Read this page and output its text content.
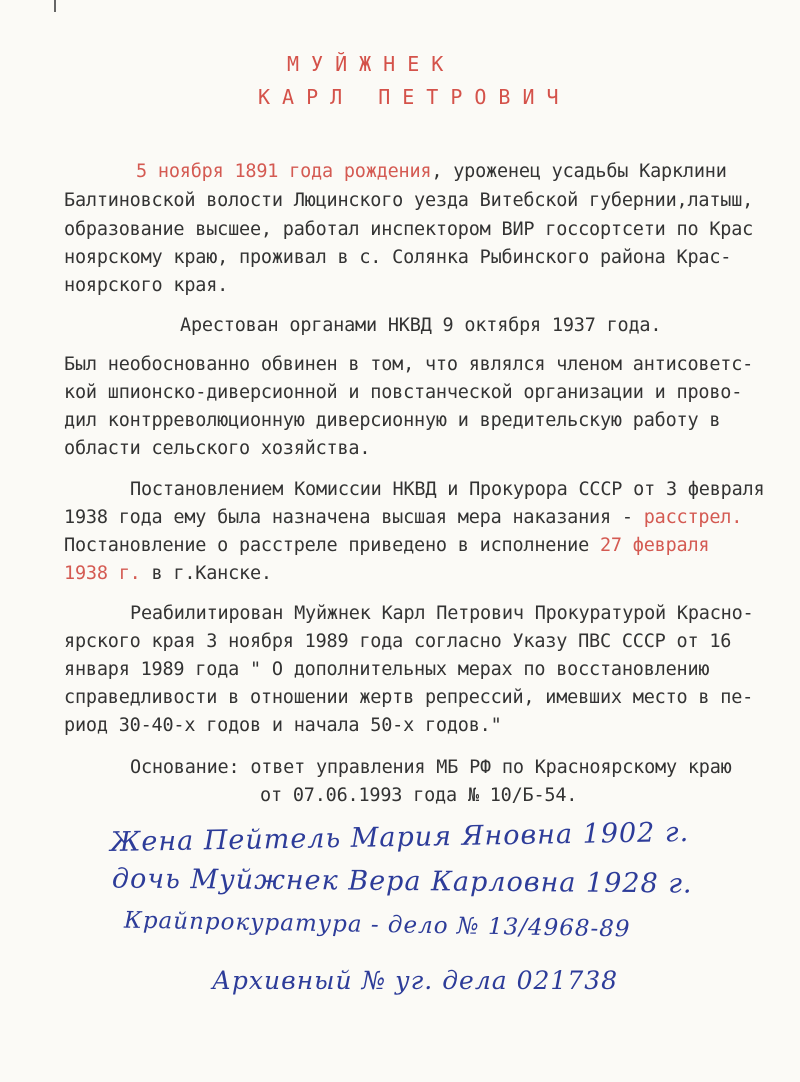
МУЙЖНЕК
КАРЛ ПЕТРОВИЧ
5 ноября 1891 года рождения, уроженец усадьбы Карклини
Балтиновской волости Люцинского уезда Витебской губернии,латыш,
образование высшее, работал инспектором ВИР госсортсети по Крас
ноярскому краю, проживал в с. Солянка Рыбинского района Крас-
ноярского края.
Арестован органами НКВД 9 октября 1937 года.
Был необоснованно обвинен в том, что являлся членом антисоветс-
кой шпионско-диверсионной и повстанческой организации и прово-
дил контрреволюционную диверсионную и вредительскую работу в
области сельского хозяйства.
Постановлением Комиссии НКВД и Прокурора СССР от 3 февраля
1938 года ему была назначена высшая мера наказания - расстрел.
Постановление о расстреле приведено в исполнение 27 февраля
1938 г. в г.Канске.
Реабилитирован Муйжнек Карл Петрович Прокуратурой Красно-
ярского края 3 ноября 1989 года согласно Указу ПВС СССР от 16
января 1989 года " О дополнительных мерах по восстановлению
справедливости в отношении жертв репрессий, имевших место в пе-
риод 30-40-х годов и начала 50-х годов."
Основание: ответ управления МБ РФ по Красноярскому краю
от 07.06.1993 года № 10/Б-54.
Жена Пейтель Мария Яновна 1902 г.
дочь Муйжнек Вера Карловна 1928 г.
Крайпрокуратура - дело № 13/4968-89
Архивный № уг. дела 021738
